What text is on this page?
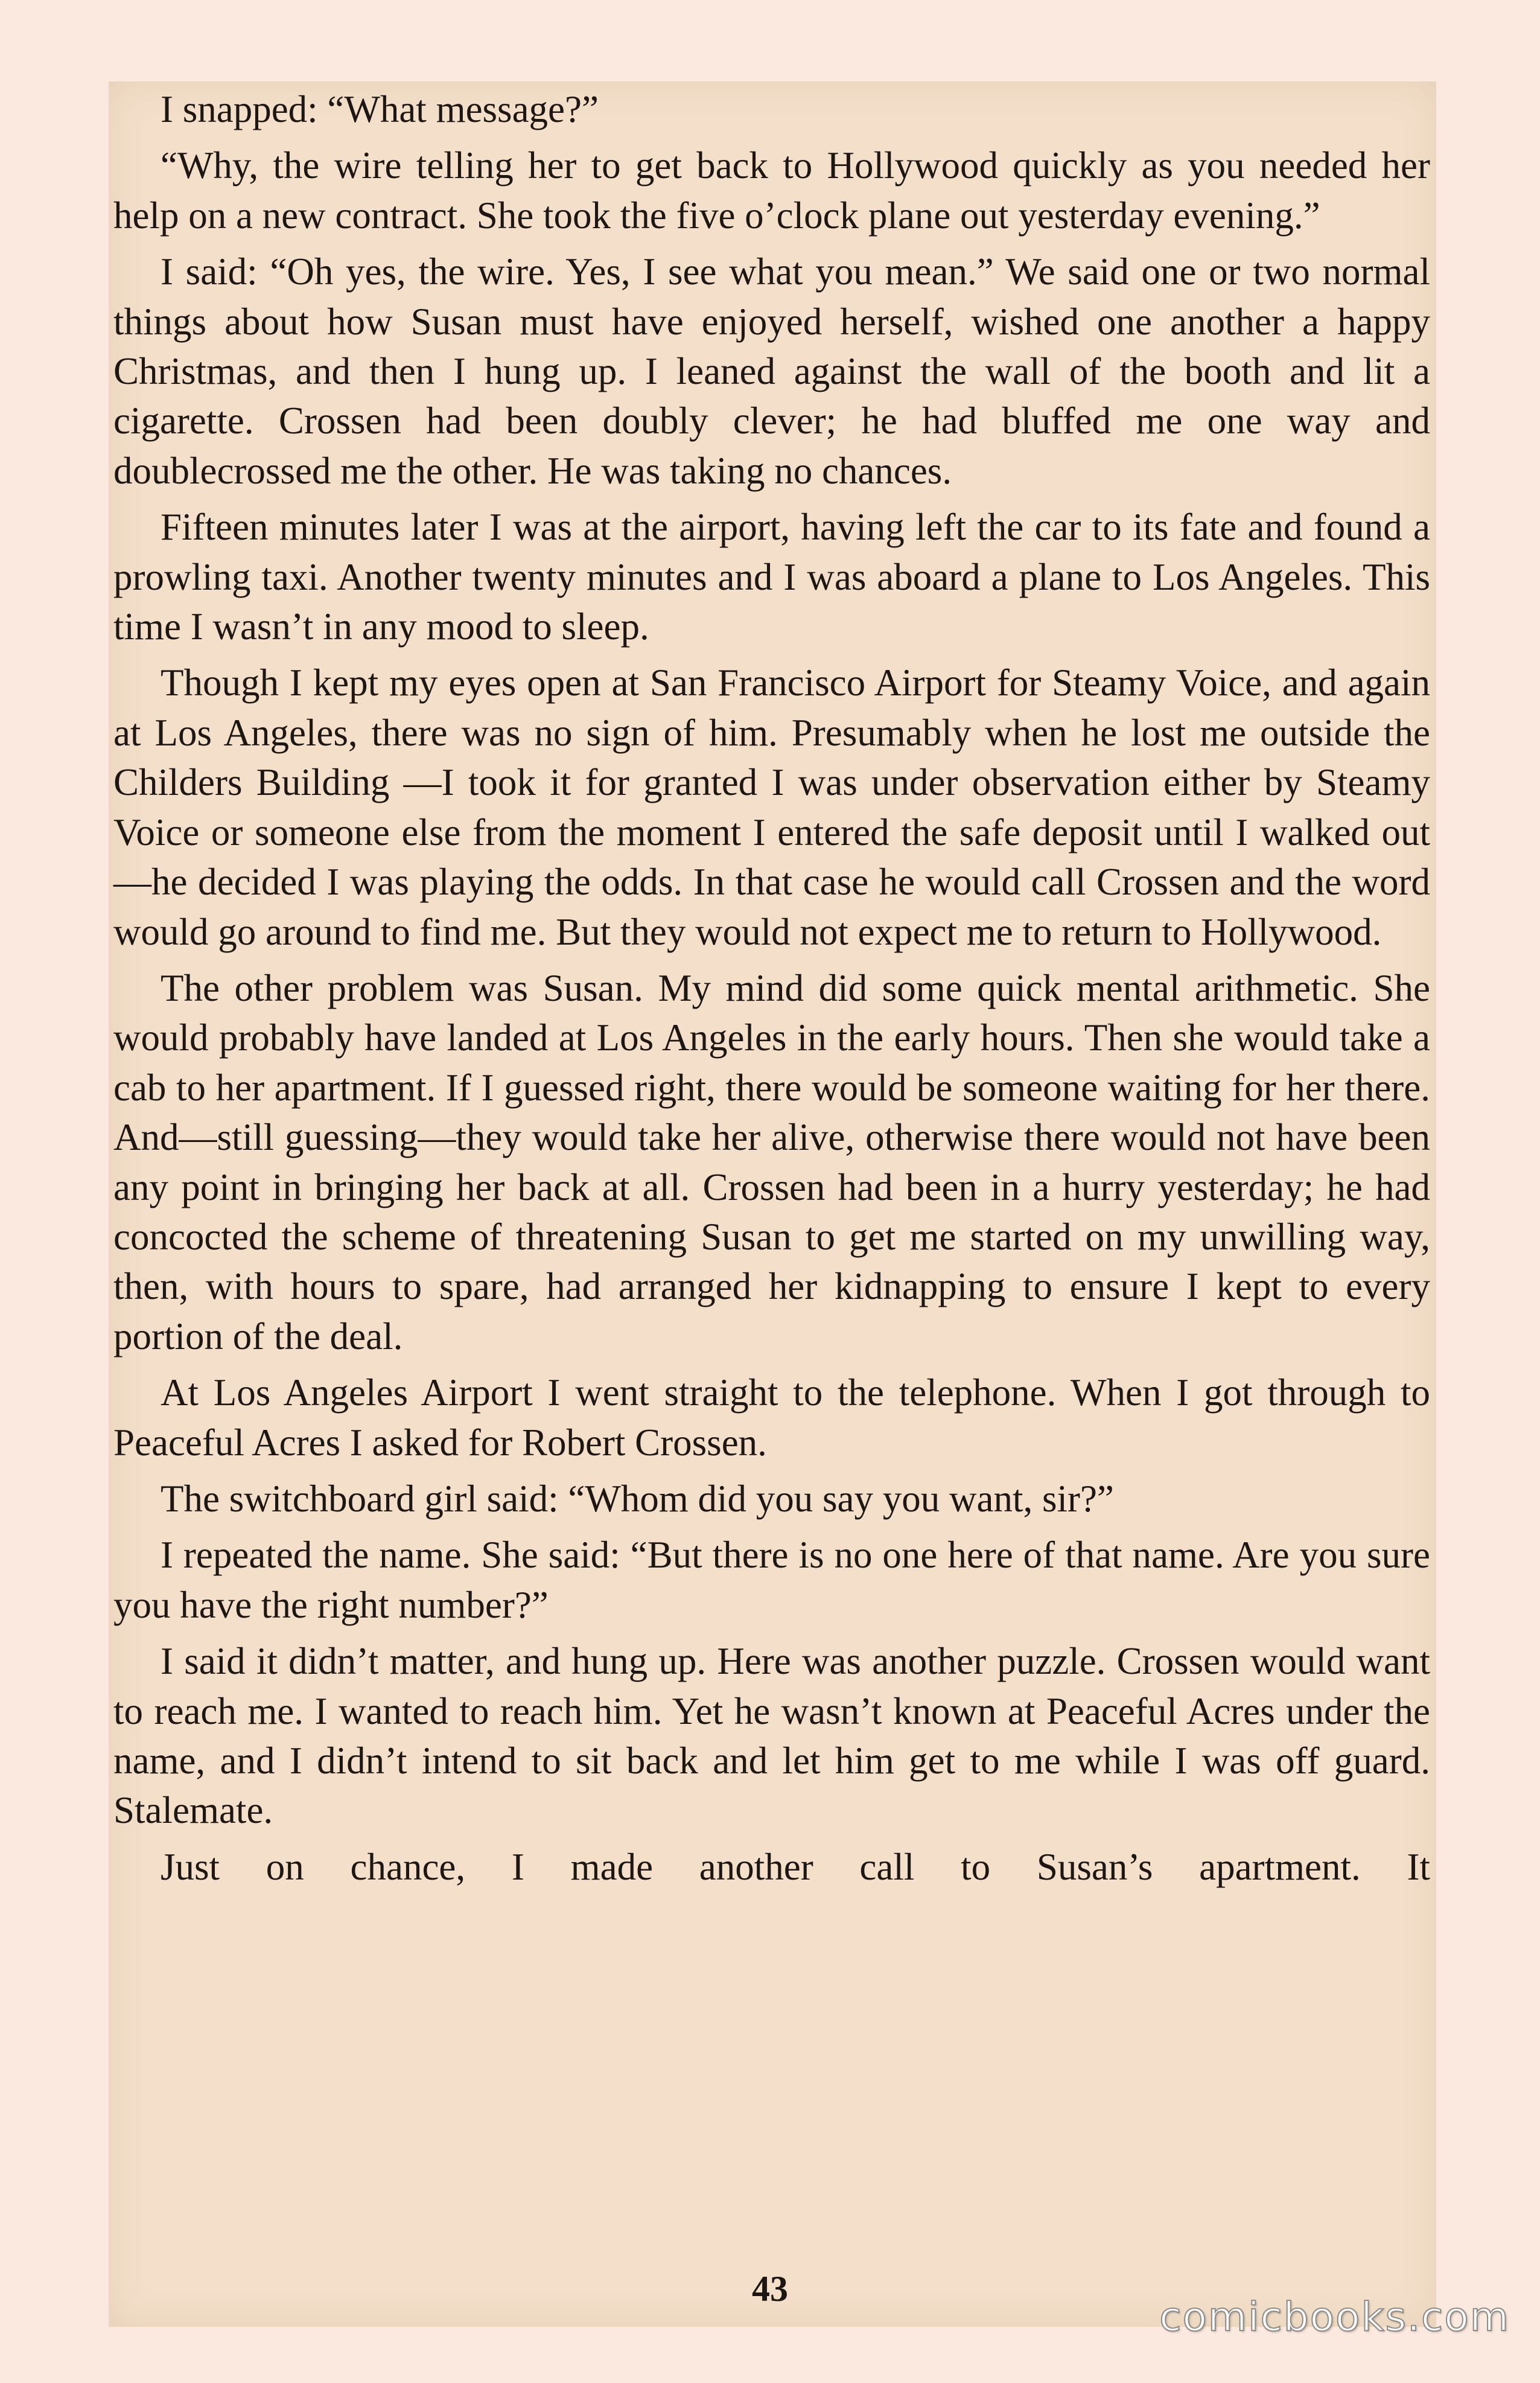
I snapped: “What message?”

“Why, the wire telling her to get back to Hollywood quickly as you needed her help on a new contract. She took the five o’clock plane out yesterday evening.”

I said: “Oh yes, the wire. Yes, I see what you mean.” We said one or two normal things about how Susan must have enjoyed herself, wished one another a happy Christmas, and then I hung up. I leaned against the wall of the booth and lit a cigarette. Crossen had been doubly clever; he had bluffed me one way and doublecrossed me the other. He was taking no chances.

Fifteen minutes later I was at the airport, having left the car to its fate and found a prowling taxi. Another twenty minutes and I was aboard a plane to Los Angeles. This time I wasn’t in any mood to sleep.

Though I kept my eyes open at San Francisco Airport for Steamy Voice, and again at Los Angeles, there was no sign of him. Presumably when he lost me outside the Childers Building —I took it for granted I was under observation either by Steamy Voice or someone else from the moment I entered the safe deposit until I walked out—he decided I was playing the odds. In that case he would call Crossen and the word would go around to find me. But they would not expect me to return to Hollywood.

The other problem was Susan. My mind did some quick mental arithmetic. She would probably have landed at Los Angeles in the early hours. Then she would take a cab to her apartment. If I guessed right, there would be someone waiting for her there. And—still guessing—they would take her alive, otherwise there would not have been any point in bringing her back at all. Crossen had been in a hurry yesterday; he had concocted the scheme of threatening Susan to get me started on my unwilling way, then, with hours to spare, had arranged her kidnapping to ensure I kept to every portion of the deal.

At Los Angeles Airport I went straight to the telephone. When I got through to Peaceful Acres I asked for Robert Crossen.

The switchboard girl said: “Whom did you say you want, sir?”

I repeated the name. She said: “But there is no one here of that name. Are you sure you have the right number?”

I said it didn’t matter, and hung up. Here was another puzzle. Crossen would want to reach me. I wanted to reach him. Yet he wasn’t known at Peaceful Acres under the name, and I didn’t intend to sit back and let him get to me while I was off guard. Stalemate.

Just on chance, I made another call to Susan’s apartment. It

43
comicbooks.com
